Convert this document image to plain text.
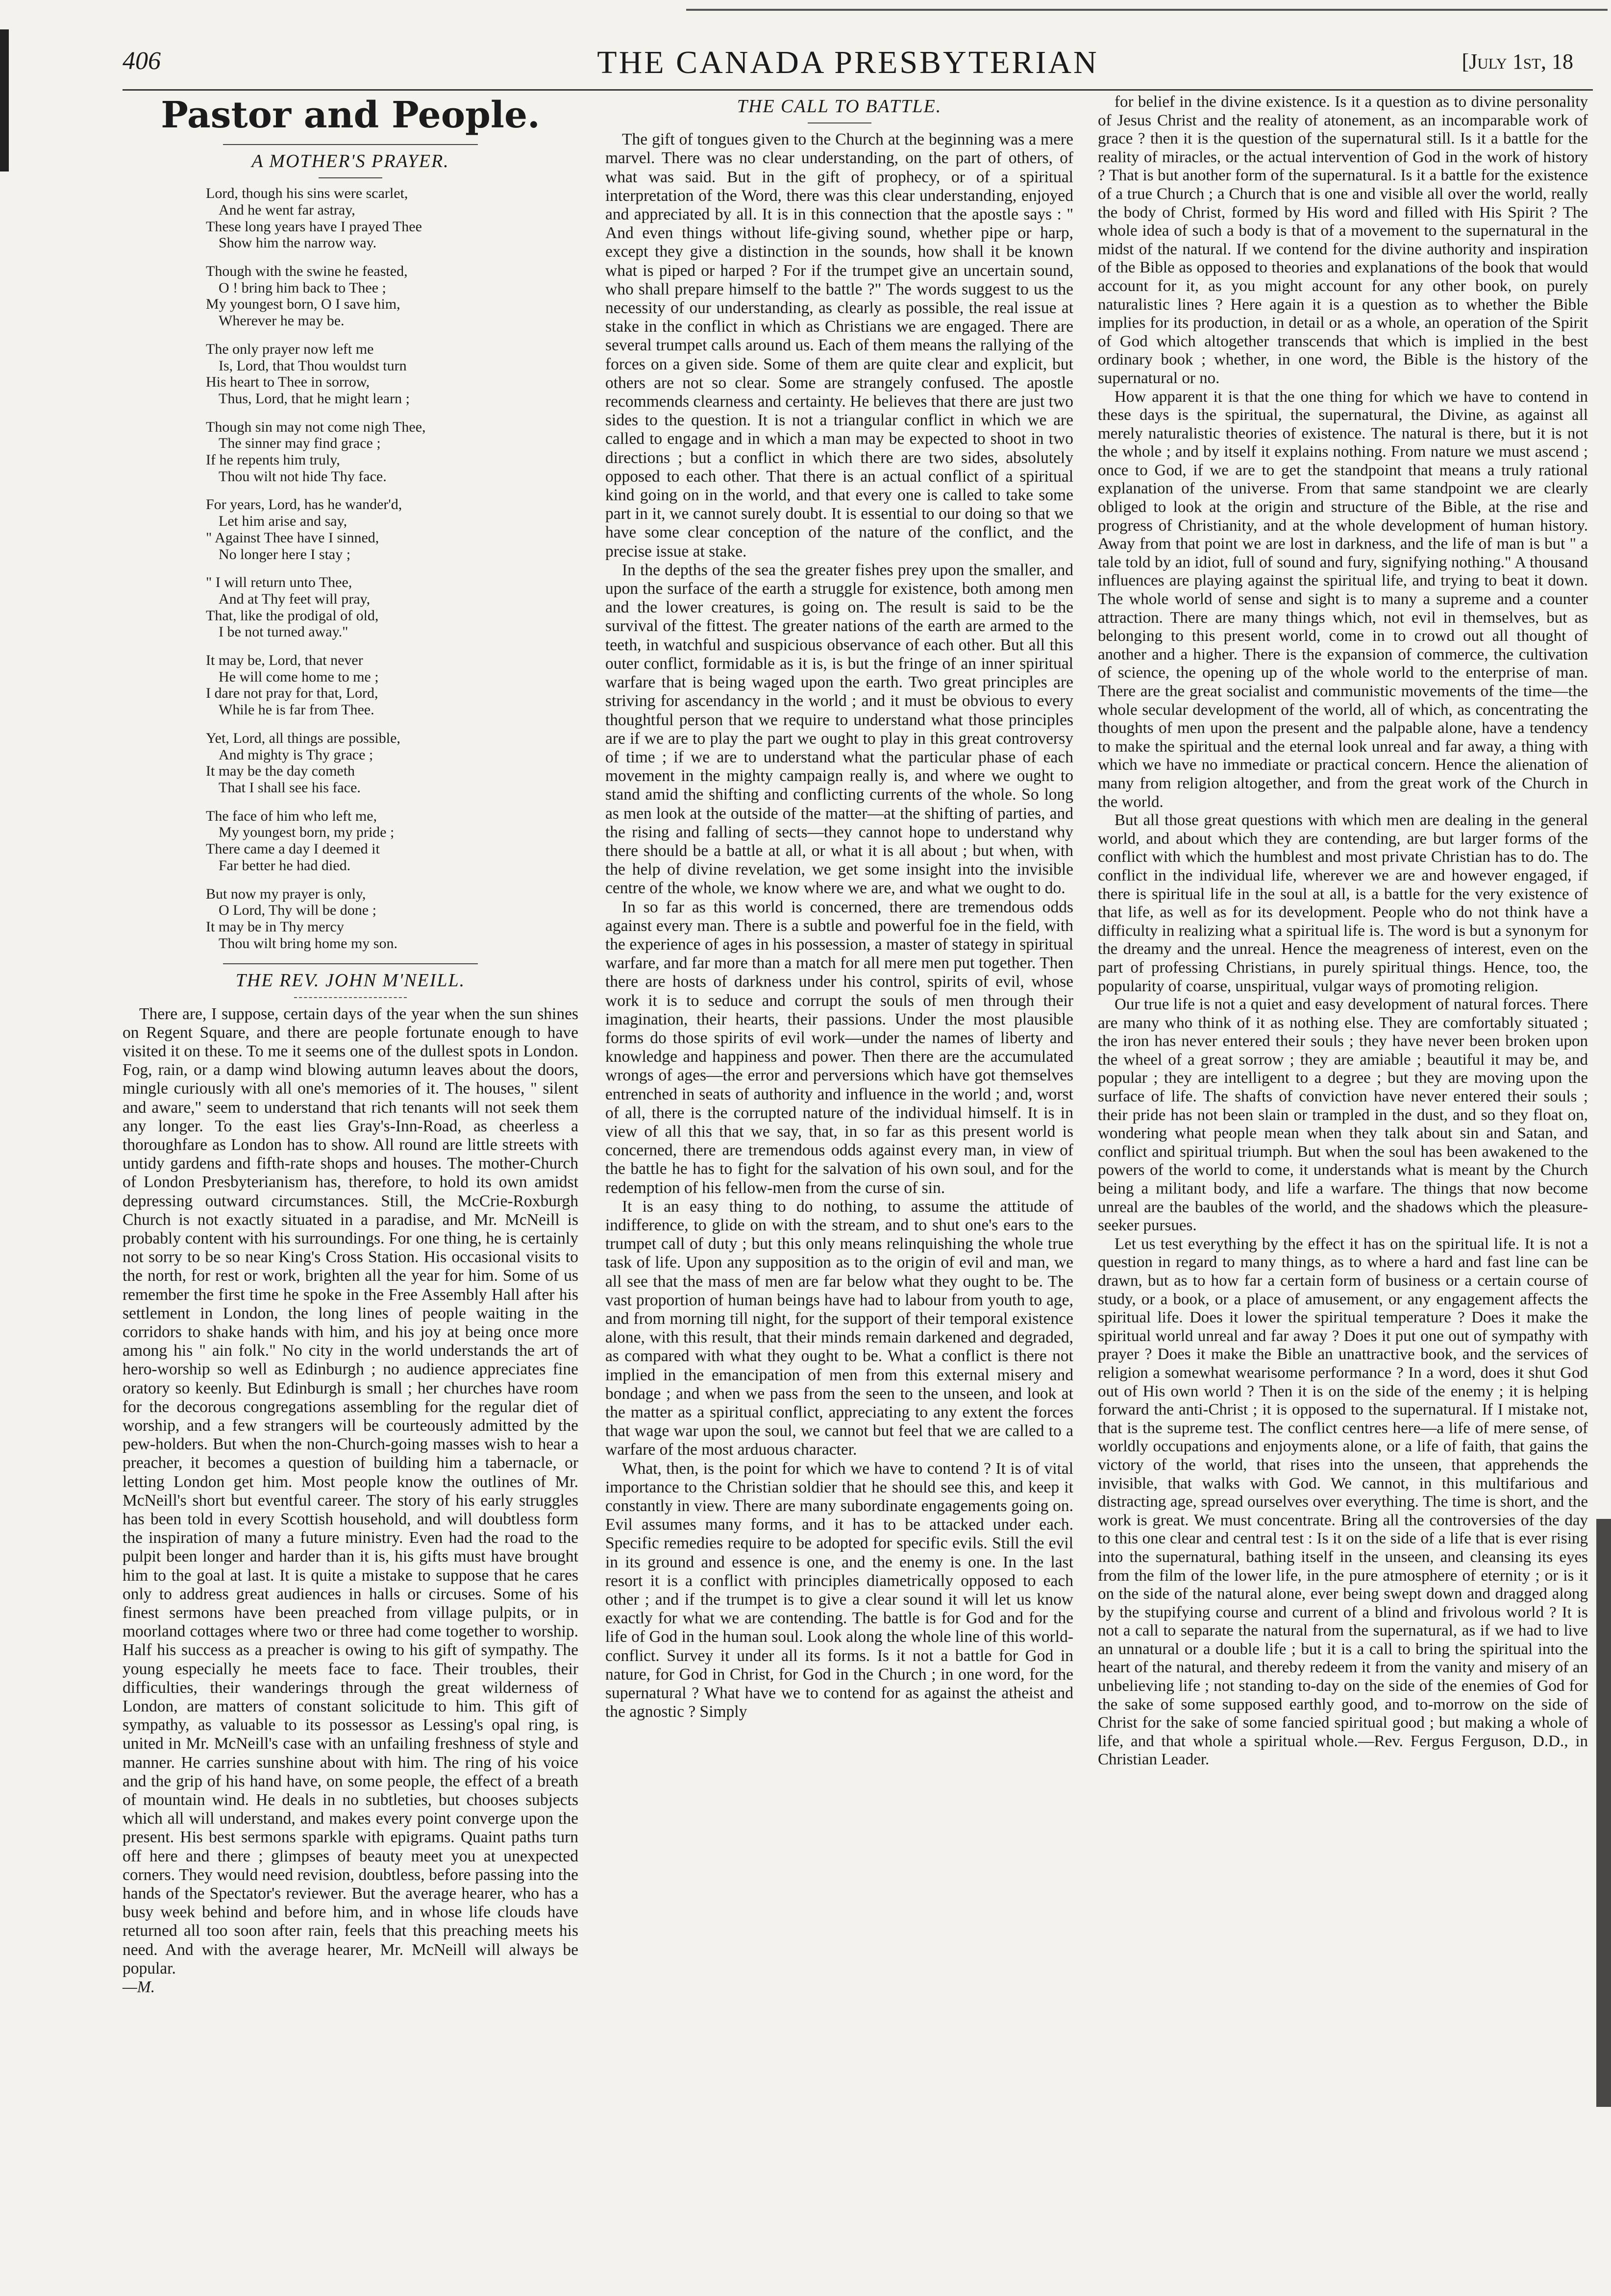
406	THE CANADA PRESBYTERIAN	[July 1st, 18
Pastor and People.
A MOTHER'S PRAYER.
Lord, though his sins were scarlet,
And he went far astray,
These long years have I prayed Thee
Show him the narrow way.
Though with the swine he feasted,
O ! bring him back to Thee ;
My youngest born, O I save him,
Wherever he may be.
The only prayer now left me
Is, Lord, that Thou wouldst turn
His heart to Thee in sorrow,
Thus, Lord, that he might learn ;
Though sin may not come nigh Thee,
The sinner may find grace ;
If he repents him truly,
Thou wilt not hide Thy face.
For years, Lord, has he wander'd,
Let him arise and say,
" Against Thee have I sinned,
No longer here I stay ;
" I will return unto Thee,
And at Thy feet will pray,
That, like the prodigal of old,
I be not turned away."
It may be, Lord, that never
He will come home to me ;
I dare not pray for that, Lord,
While he is far from Thee.
Yet, Lord, all things are possible,
And mighty is Thy grace ;
It may be the day cometh
That I shall see his face.
The face of him who left me,
My youngest born, my pride ;
There came a day I deemed it
Far better he had died.
But now my prayer is only,
O Lord, Thy will be done ;
It may be in Thy mercy
Thou wilt bring home my son.
THE REV. JOHN M'NEILL.

There are, I suppose, certain days of the year when the sun shines on Regent Square, and there are people fortunate enough to have visited it on these. To me it seems one of the dullest spots in London. Fog, rain, or a damp wind blowing autumn leaves about the doors, mingle curiously with all one's memories of it. The houses, " silent and aware," seem to understand that rich tenants will not seek them any longer. To the east lies Gray's-Inn-Road, as cheerless a thoroughfare as London has to show. All round are little streets with untidy gardens and fifth-rate shops and houses. The mother-Church of London Presbyterianism has, therefore, to hold its own amidst depressing outward circumstances. Still, the McCrie-Roxburgh Church is not exactly situated in a paradise, and Mr. McNeill is probably content with his surroundings. For one thing, he is certainly not sorry to be so near King's Cross Station. His occasional visits to the north, for rest or work, brighten all the year for him. Some of us remember the first time he spoke in the Free Assembly Hall after his settlement in London, the long lines of people waiting in the corridors to shake hands with him, and his joy at being once more among his " ain folk." No city in the world understands the art of hero-worship so well as Edinburgh ; no audience appreciates fine oratory so keenly. But Edinburgh is small ; her churches have room for the decorous congregations assembling for the regular diet of worship, and a few strangers will be courteously admitted by the pew-holders. But when the non-Church-going masses wish to hear a preacher, it becomes a question of building him a tabernacle, or letting London get him. Most people know the outlines of Mr. McNeill's short but eventful career. The story of his early struggles has been told in every Scottish household, and will doubtless form the inspiration of many a future ministry. Even had the road to the pulpit been longer and harder than it is, his gifts must have brought him to the goal at last. It is quite a mistake to suppose that he cares only to address great audiences in halls or circuses. Some of his finest sermons have been preached from village pulpits, or in moorland cottages where two or three had come together to worship. Half his success as a preacher is owing to his gift of sympathy. The young especially he meets face to face. Their troubles, their difficulties, their wanderings through the great wilderness of London, are matters of constant solicitude to him. This gift of sympathy, as valuable to its possessor as Lessing's opal ring, is united in Mr. McNeill's case with an unfailing freshness of style and manner. He carries sunshine about with him. The ring of his voice and the grip of his hand have, on some people, the effect of a breath of mountain wind. He deals in no subtleties, but chooses subjects which all will understand, and makes every point converge upon the present. His best sermons sparkle with epigrams. Quaint paths turn off here and there ; glimpses of beauty meet you at unexpected corners. They would need revision, doubtless, before passing into the hands of the Spectator's reviewer. But the average hearer, who has a busy week behind and before him, and in whose life clouds have returned all too soon after rain, feels that this preaching meets his need. And with the average hearer, Mr. McNeill will always be popular.

—M.

THE CALL TO BATTLE.

The gift of tongues given to the Church at the beginning was a mere marvel. There was no clear understanding, on the part of others, of what was said. But in the gift of prophecy, or of a spiritual interpretation of the Word, there was this clear understanding, enjoyed and appreciated by all. It is in this connection that the apostle says : " And even things without life-giving sound, whether pipe or harp, except they give a distinction in the sounds, how shall it be known what is piped or harped ? For if the trumpet give an uncertain sound, who shall prepare himself to the battle ?" The words suggest to us the necessity of our understanding, as clearly as possible, the real issue at stake in the conflict in which as Christians we are engaged. There are several trumpet calls around us. Each of them means the rallying of the forces on a given side. Some of them are quite clear and explicit, but others are not so clear. Some are strangely confused. The apostle recommends clearness and certainty. He believes that there are just two sides to the question. It is not a triangular conflict in which we are called to engage and in which a man may be expected to shoot in two directions ; but a conflict in which there are two sides, absolutely opposed to each other. That there is an actual conflict of a spiritual kind going on in the world, and that every one is called to take some part in it, we cannot surely doubt. It is essential to our doing so that we have some clear conception of the nature of the conflict, and the precise issue at stake.

In the depths of the sea the greater fishes prey upon the smaller, and upon the surface of the earth a struggle for existence, both among men and the lower creatures, is going on. The result is said to be the survival of the fittest. The greater nations of the earth are armed to the teeth, in watchful and suspicious observance of each other. But all this outer conflict, formidable as it is, is but the fringe of an inner spiritual warfare that is being waged upon the earth. Two great principles are striving for ascendancy in the world ; and it must be obvious to every thoughtful person that we require to understand what those principles are if we are to play the part we ought to play in this great controversy of time ; if we are to understand what the particular phase of each movement in the mighty campaign really is, and where we ought to stand amid the shifting and conflicting currents of the whole. So long as men look at the outside of the matter—at the shifting of parties, and the rising and falling of sects—they cannot hope to understand why there should be a battle at all, or what it is all about ; but when, with the help of divine revelation, we get some insight into the invisible centre of the whole, we know where we are, and what we ought to do.

In so far as this world is concerned, there are tremendous odds against every man. There is a subtle and powerful foe in the field, with the experience of ages in his possession, a master of stategy in spiritual warfare, and far more than a match for all mere men put together. Then there are hosts of darkness under his control, spirits of evil, whose work it is to seduce and corrupt the souls of men through their imagination, their hearts, their passions. Under the most plausible forms do those spirits of evil work—under the names of liberty and knowledge and happiness and power. Then there are the accumulated wrongs of ages—the error and perversions which have got themselves entrenched in seats of authority and influence in the world ; and, worst of all, there is the corrupted nature of the individual himself. It is in view of all this that we say, that, in so far as this present world is concerned, there are tremendous odds against every man, in view of the battle he has to fight for the salvation of his own soul, and for the redemption of his fellow-men from the curse of sin.

It is an easy thing to do nothing, to assume the attitude of indifference, to glide on with the stream, and to shut one's ears to the trumpet call of duty ; but this only means relinquishing the whole true task of life. Upon any supposition as to the origin of evil and man, we all see that the mass of men are far below what they ought to be. The vast proportion of human beings have had to labour from youth to age, and from morning till night, for the support of their temporal existence alone, with this result, that their minds remain darkened and degraded, as compared with what they ought to be. What a conflict is there not implied in the emancipation of men from this external misery and bondage ; and when we pass from the seen to the unseen, and look at the matter as a spiritual conflict, appreciating to any extent the forces that wage war upon the soul, we cannot but feel that we are called to a warfare of the most arduous character.

What, then, is the point for which we have to contend ? It is of vital importance to the Christian soldier that he should see this, and keep it constantly in view. There are many subordinate engagements going on. Evil assumes many forms, and it has to be attacked under each. Specific remedies require to be adopted for specific evils. Still the evil in its ground and essence is one, and the enemy is one. In the last resort it is a conflict with principles diametrically opposed to each other ; and if the trumpet is to give a clear sound it will let us know exactly for what we are contending. The battle is for God and for the life of God in the human soul. Look along the whole line of this world-conflict. Survey it under all its forms. Is it not a battle for God in nature, for God in Christ, for God in the Church ; in one word, for the supernatural ? What have we to contend for as against the atheist and the agnostic ? Simply

for belief in the divine existence. Is it a question as to divine personality of Jesus Christ and the reality of atonement, as an incomparable work of grace ? then it is the question of the supernatural still. Is it a battle for the reality of miracles, or the actual intervention of God in the work of history ? That is but another form of the supernatural. Is it a battle for the existence of a true Church ; a Church that is one and visible all over the world, really the body of Christ, formed by His word and filled with His Spirit ? The whole idea of such a body is that of a movement to the supernatural in the midst of the natural. If we contend for the divine authority and inspiration of the Bible as opposed to theories and explanations of the book that would account for it, as you might account for any other book, on purely naturalistic lines ? Here again it is a question as to whether the Bible implies for its production, in detail or as a whole, an operation of the Spirit of God which altogether transcends that which is implied in the best ordinary book ; whether, in one word, the Bible is the history of the supernatural or no.

How apparent it is that the one thing for which we have to contend in these days is the spiritual, the supernatural, the Divine, as against all merely naturalistic theories of existence. The natural is there, but it is not the whole ; and by itself it explains nothing. From nature we must ascend ; once to God, if we are to get the standpoint that means a truly rational explanation of the universe. From that same standpoint we are clearly obliged to look at the origin and structure of the Bible, at the rise and progress of Christianity, and at the whole development of human history. Away from that point we are lost in darkness, and the life of man is but " a tale told by an idiot, full of sound and fury, signifying nothing." A thousand influences are playing against the spiritual life, and trying to beat it down. The whole world of sense and sight is to many a supreme and a counter attraction. There are many things which, not evil in themselves, but as belonging to this present world, come in to crowd out all thought of another and a higher. There is the expansion of commerce, the cultivation of science, the opening up of the whole world to the enterprise of man. There are the great socialist and communistic movements of the time—the whole secular development of the world, all of which, as concentrating the thoughts of men upon the present and the palpable alone, have a tendency to make the spiritual and the eternal look unreal and far away, a thing with which we have no immediate or practical concern. Hence the alienation of many from religion altogether, and from the great work of the Church in the world.

But all those great questions with which men are dealing in the general world, and about which they are contending, are but larger forms of the conflict with which the humblest and most private Christian has to do. The conflict in the individual life, wherever we are and however engaged, if there is spiritual life in the soul at all, is a battle for the very existence of that life, as well as for its development. People who do not think have a difficulty in realizing what a spiritual life is. The word is but a synonym for the dreamy and the unreal. Hence the meagreness of interest, even on the part of professing Christians, in purely spiritual things. Hence, too, the popularity of coarse, unspiritual, vulgar ways of promoting religion.

Our true life is not a quiet and easy development of natural forces. There are many who think of it as nothing else. They are comfortably situated ; the iron has never entered their souls ; they have never been broken upon the wheel of a great sorrow ; they are amiable ; beautiful it may be, and popular ; they are intelligent to a degree ; but they are moving upon the surface of life. The shafts of conviction have never entered their souls ; their pride has not been slain or trampled in the dust, and so they float on, wondering what people mean when they talk about sin and Satan, and conflict and spiritual triumph. But when the soul has been awakened to the powers of the world to come, it understands what is meant by the Church being a militant body, and life a warfare. The things that now become unreal are the baubles of the world, and the shadows which the pleasure-seeker pursues.

Let us test everything by the effect it has on the spiritual life. It is not a question in regard to many things, as to where a hard and fast line can be drawn, but as to how far a certain form of business or a certain course of study, or a book, or a place of amusement, or any engagement affects the spiritual life. Does it lower the spiritual temperature ? Does it make the spiritual world unreal and far away ? Does it put one out of sympathy with prayer ? Does it make the Bible an unattractive book, and the services of religion a somewhat wearisome performance ? In a word, does it shut God out of His own world ? Then it is on the side of the enemy ; it is helping forward the anti-Christ ; it is opposed to the supernatural. If I mistake not, that is the supreme test. The conflict centres here—a life of mere sense, of worldly occupations and enjoyments alone, or a life of faith, that gains the victory of the world, that rises into the unseen, that apprehends the invisible, that walks with God. We cannot, in this multifarious and distracting age, spread ourselves over everything. The time is short, and the work is great. We must concentrate. Bring all the controversies of the day to this one clear and central test : Is it on the side of a life that is ever rising into the supernatural, bathing itself in the unseen, and cleansing its eyes from the film of the lower life, in the pure atmosphere of eternity ; or is it on the side of the natural alone, ever being swept down and dragged along by the stupifying course and current of a blind and frivolous world ? It is not a call to separate the natural from the supernatural, as if we had to live an unnatural or a double life ; but it is a call to bring the spiritual into the heart of the natural, and thereby redeem it from the vanity and misery of an unbelieving life ; not standing to-day on the side of the enemies of God for the sake of some supposed earthly good, and to-morrow on the side of Christ for the sake of some fancied spiritual good ; but making a whole of life, and that whole a spiritual whole.—Rev. Fergus Ferguson, D.D., in Christian Leader.
